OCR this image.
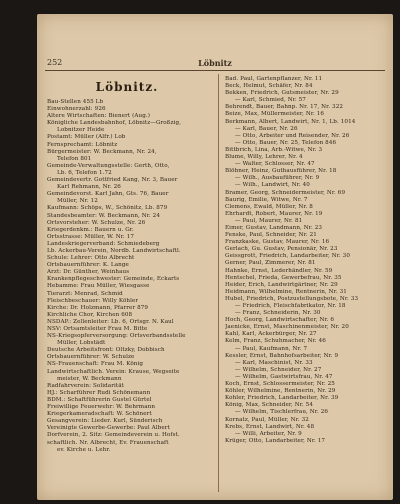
252	Löbnitz
Löbnitz.
Bau-Stellen 455 Lb
Einwohnerzahl: 926
Altere Wirtschaften: Bienert (Aug.)
Königliche Landesbahnhof, Löbnitz—Großzig,
Lobnitzer Heide
Postamt: Müller (Alfr.) Lob
Fernsprechamt: Löbnitz
Bürgermeister: W. Beckmann, Nr. 24,
Telefon 801
Gemeinde-Verwaltungsstelle: Gerth, Otto,
Lb. 6, Telefon 1.72
Gemeindevertr. Gottfried Kang, Nr. 3, Bauer
Karl Rehmann, Nr. 26
Gemeindevorst. Karl Jahn, Gts. 76, Bauer
Müller, Nr. 12
Kaufmann: Schöps, W., Schönitz, Lb. 879
Standesbeamter: W. Beckmann, Nr. 24
Ortsvorsteher: W. Schulze, Nr. 26
Kriegerdenkm.: Bauern u. Gr.
Ortsstrasse: Müller, W. Nr. 17
Landeskriegerverband: Schmiedeberg
Lb. Ackerbau-Verein, Nordb. Landwirtschaftl.
Schule: Lehrer: Otto Albrecht
Ortsbauernführer: K. Lange
Arzt: Dr. Günther, Weinhaus
Krankenpflegeschwester: Gemeinde, Eckarts
Hebamme: Frau Müller, Wiesgasse
Tierarzt: Menrad, Schmid
Fleischbeschauer: Willy Köhler
Kirche: Dr. Holzmann, Pfarrer 879
Kirchliche Chor, Kirchen 608
NSDAP.: Zellenleiter: Lb. 6, Ortsgr. N. Kaul
NSV: Ortsamtsleiter Frau M. Bitte
NS-Kriegsopferversorgung: Ortsverbandsstelle
Müller, Lobstädt
Deutsche Arbeitsfront: Oltzky, Dobbisch
Ortsbauernführer: W. Schulze
NS-Frauenschaft: Frau M. König
Landwirtschaftlich. Verein: Krause, Wegseite
meister, W. Beckmann
Radfahrverein: Solidarität
HJ.: Scharführer Rudi Schönemann
BDM.: Schaftführerin Gustel Gürtel
Freiwillige Feuerwehr: W. Behrmann
Kriegerkameradschaft: W. Schönert
Gesangverein: Lieder. Kurl, Sünderisch
Vereinigte Gewerbe-Gewerbe: Paul Albert
Dorfverein, 2. Sitz: Gemeindeverein u. Hofst.
schaftlich. Nr. Albrecht, Ev. Frauenschaft
ev. Kirche u. Lehr.
Bad. Paul, Gartenpflanzer, Nr. 11
Beck, Helmut, Schäfer, Nr. 84
Bekken, Friedrich, Gutsmeister, Nr. 29
— Karl, Schmied, Nr. 57
Behrendt, Bauer, Bahnp. Nr. 17, Nr. 322
Beize, Max, Müllermeister, Nr. 16
Berkmann, Albert, Landwirt, Nr. 1, Lb. 1014
— Karl, Bauer, Nr. 26
— Otto, Arbeiter und Reisender, Nr. 26
— Otto, Bauer, Nr. 25, Telefon 846
Bittbrich, Lina, Arb.-Witwe, Nr. 3
Blume, Willy, Lehrer, Nr. 4
— Walter, Schlosser, Nr. 47
Blöbner, Heinz, Guthausführer, Nr. 18
— Wilh., Ausbauführer, Nr. 9
— Wilh., Landwirt, Nr. 40
Bramer, Georg, Schneidermeister, Nr. 69
Baurig, Emilie, Witwe, Nr. 7
Clemens, Ewald, Müller, Nr. 8
Ehrhardt, Robert, Maurer, Nr. 19
— Paul, Maurer, Nr. 81
Eimer, Gustav, Landmann, Nr. 23
Fenske, Paul, Schneider, Nr. 21
Franzkaske, Gustav, Maurer, Nr. 16
Gerlach, Gu. Gustav, Pensionär, Nr. 23
Geissgrott, Friedrich, Landarbeiter, Nr. 30
Gerner, Paul, Zimmerer, Nr. 81
Hahnke, Ernst, Lederhändler, Nr. 59
Hentschel, Frieda, Gewerbefrau, Nr. 35
Heider, Erich, Landwirtgärtner, Nr. 29
Heidmann, Wilhelmine, Rentnerin, Nr. 31
Hubel, Friedrich, Postzustellungsbote, Nr. 33
— Friedrich, Fleischfabrikator, Nr. 18
— Franz, Schneiderin, Nr. 30
Hoch, Georg, Landwirtschafter, Nr. 6
Jaenicke, Ernst, Maschinenmeister, Nr. 20
Kahl, Karl, Ackerbürger, Nr. 27
Kelm, Franz, Schuhmacher, Nr. 46
— Paul, Kaufmann, Nr. 7
Kessler, Ernst, Bahnhofsarbeiter, Nr. 9
— Karl, Maschinist, Nr. 33
— Wilhelm, Schneider, Nr. 27
— Wilhelm, Gastwirtsfrau, Nr. 47
Koch, Ernst, Schlossermeister, Nr. 25
Köhler, Wilhelmine, Rentnerin, Nr. 29
Kohler, Friedrich, Landarbeiter, Nr. 39
König, Max, Schneider, Nr. 54
— Wilhelm, Tischlerfrau, Nr. 26
Kornatz, Paul, Müller, Nr. 32
Krebs, Ernst, Landwirt, Nr. 48
— Willi, Arbeiter, Nr. 9
Krüger, Otto, Landarbeiter, Nr. 17
